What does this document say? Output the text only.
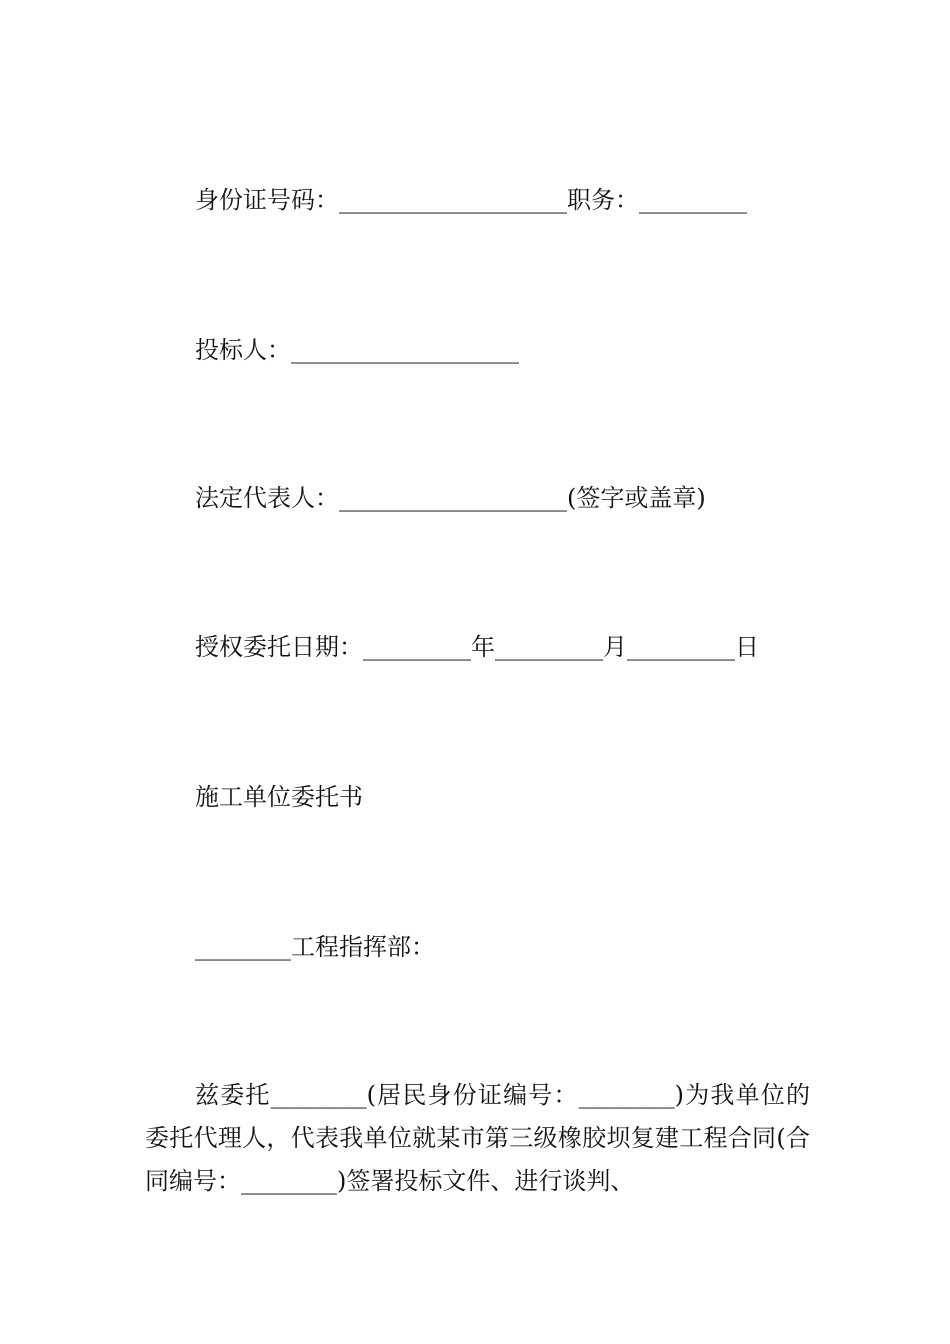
身份证号码：___________________职务：_________
投标人：___________________
法定代表人：___________________(签字或盖章)
授权委托日期：_________年_________月_________日
施工单位委托书
________工程指挥部：
兹委托________(居民身份证编号：________)为我单位的委托代理人，代表我单位就某市第三级橡胶坝复建工程合同(合同编号：________)签署投标文件、进行谈判、
